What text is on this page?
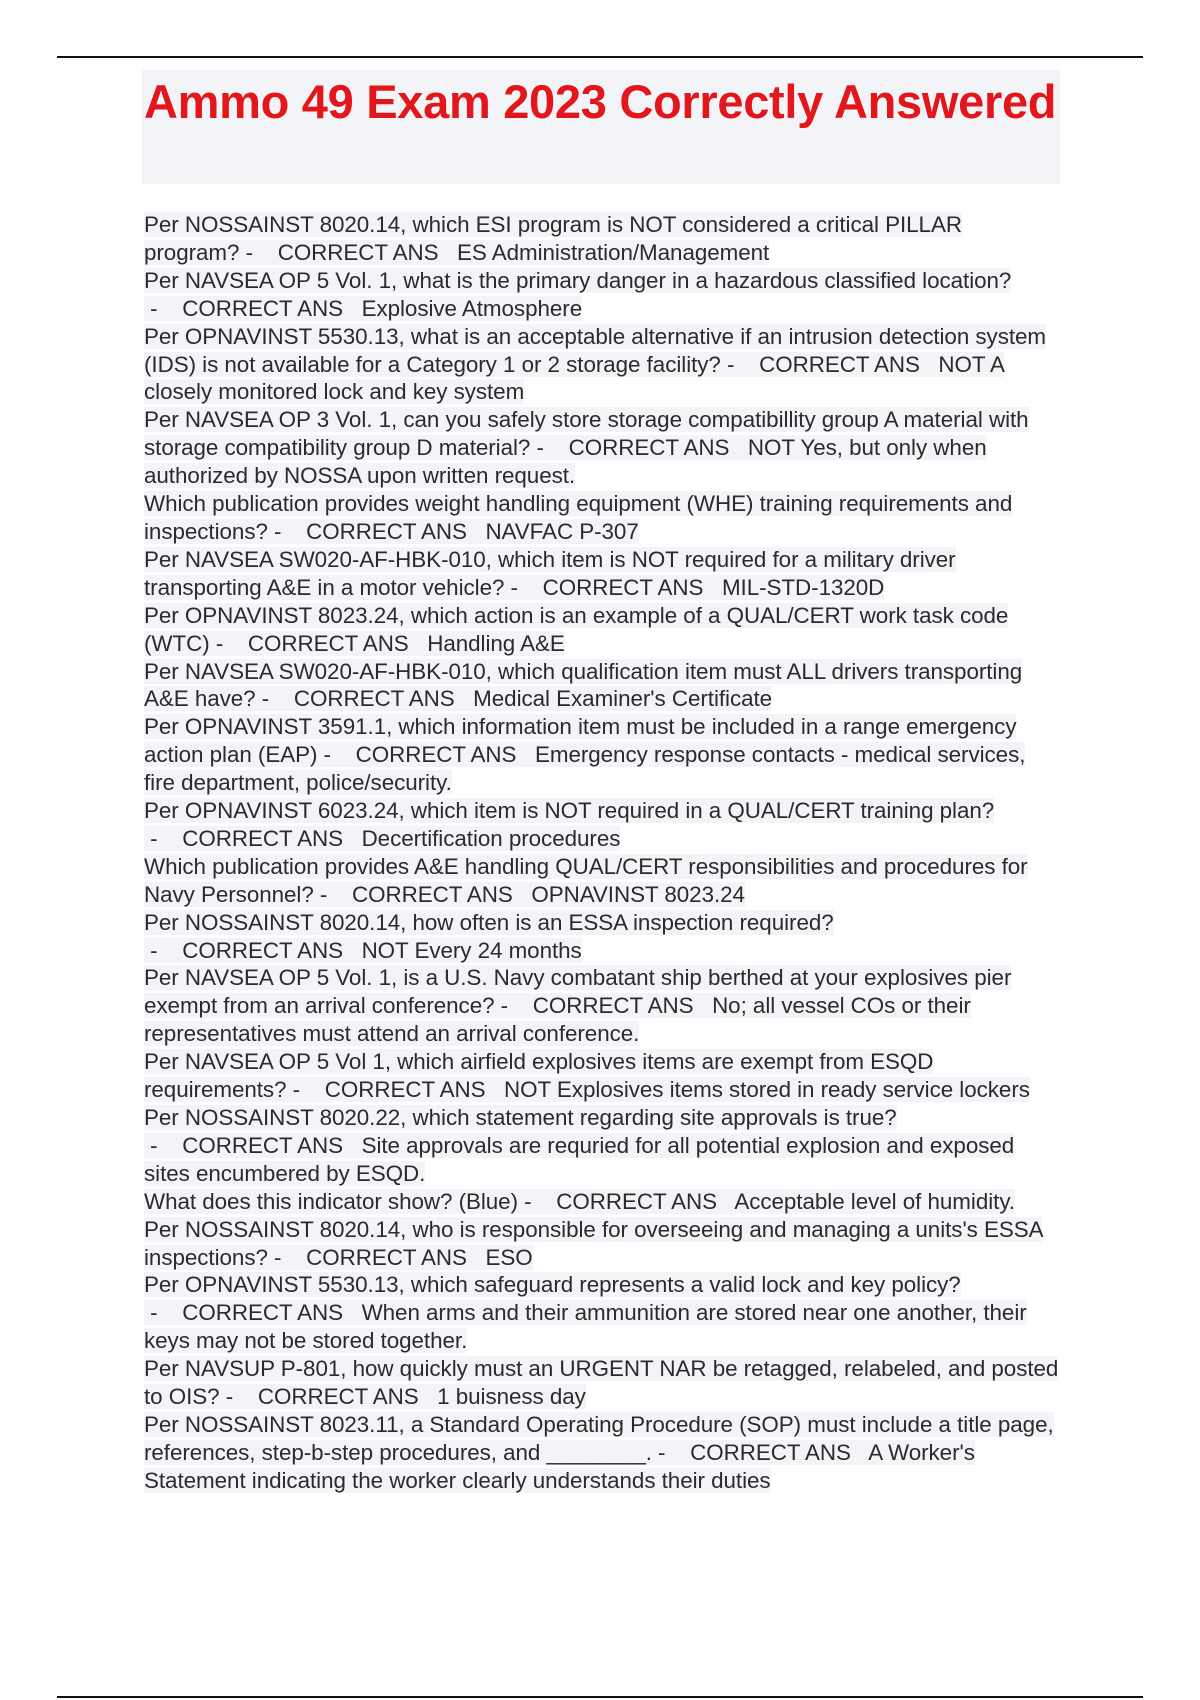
Ammo 49 Exam 2023 Correctly Answered
Per NOSSAINST 8020.14, which ESI program is NOT considered a critical PILLAR program? -    CORRECT ANS   ES Administration/Management
Per NAVSEA OP 5 Vol. 1, what is the primary danger in a hazardous classified location? -    CORRECT ANS   Explosive Atmosphere
Per OPNAVINST 5530.13, what is an acceptable alternative if an intrusion detection system (IDS) is not available for a Category 1 or 2 storage facility? -    CORRECT ANS   NOT A closely monitored lock and key system
Per NAVSEA OP 3 Vol. 1, can you safely store storage compatibillity group A material with storage compatibility group D material? -    CORRECT ANS   NOT Yes, but only when authorized by NOSSA upon written request.
Which publication provides weight handling equipment (WHE) training requirements and inspections? -    CORRECT ANS   NAVFAC P-307
Per NAVSEA SW020-AF-HBK-010, which item is NOT required for a military driver transporting A&E in a motor vehicle? -    CORRECT ANS   MIL-STD-1320D
Per OPNAVINST 8023.24, which action is an example of a QUAL/CERT work task code (WTC) -    CORRECT ANS   Handling A&E
Per NAVSEA SW020-AF-HBK-010, which qualification item must ALL drivers transporting A&E have? -    CORRECT ANS   Medical Examiner's Certificate
Per OPNAVINST 3591.1, which information item must be included in a range emergency action plan (EAP) -    CORRECT ANS   Emergency response contacts - medical services, fire department, police/security.
Per OPNAVINST 6023.24, which item is NOT required in a QUAL/CERT training plan? -    CORRECT ANS   Decertification procedures
Which publication provides A&E handling QUAL/CERT responsibilities and procedures for Navy Personnel? -    CORRECT ANS   OPNAVINST 8023.24
Per NOSSAINST 8020.14, how often is an ESSA inspection required? -    CORRECT ANS   NOT Every 24 months
Per NAVSEA OP 5 Vol. 1, is a U.S. Navy combatant ship berthed at your explosives pier exempt from an arrival conference? -    CORRECT ANS   No; all vessel COs or their representatives must attend an arrival conference.
Per NAVSEA OP 5 Vol 1, which airfield explosives items are exempt from ESQD requirements? -    CORRECT ANS   NOT Explosives items stored in ready service lockers
Per NOSSAINST 8020.22, which statement regarding site approvals is true? -    CORRECT ANS   Site approvals are requried for all potential explosion and exposed sites encumbered by ESQD.
What does this indicator show? (Blue) -    CORRECT ANS   Acceptable level of humidity.
Per NOSSAINST 8020.14, who is responsible for overseeing and managing a units's ESSA inspections? -    CORRECT ANS   ESO
Per OPNAVINST 5530.13, which safeguard represents a valid lock and key policy? -    CORRECT ANS   When arms and their ammunition are stored near one another, their keys may not be stored together.
Per NAVSUP P-801, how quickly must an URGENT NAR be retagged, relabeled, and posted to OIS? -    CORRECT ANS   1 buisness day
Per NOSSAINST 8023.11, a Standard Operating Procedure (SOP) must include a title page, references, step-b-step procedures, and ________. -    CORRECT ANS   A Worker's Statement indicating the worker clearly understands their duties
